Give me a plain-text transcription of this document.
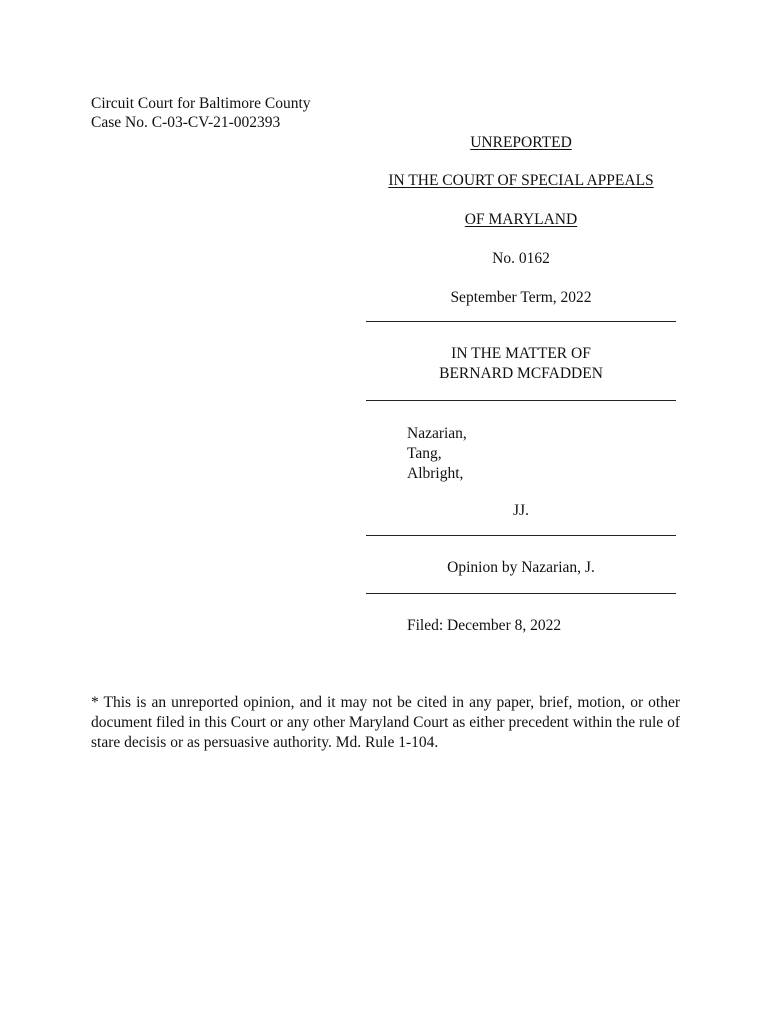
Circuit Court for Baltimore County
Case No. C-03-CV-21-002393
UNREPORTED
IN THE COURT OF SPECIAL APPEALS
OF MARYLAND
No. 0162
September Term, 2022
IN THE MATTER OF
BERNARD MCFADDEN
Nazarian,
Tang,
Albright,
JJ.
Opinion by Nazarian, J.
Filed: December 8, 2022
* This is an unreported opinion, and it may not be cited in any paper, brief, motion, or other document filed in this Court or any other Maryland Court as either precedent within the rule of stare decisis or as persuasive authority. Md. Rule 1-104.
